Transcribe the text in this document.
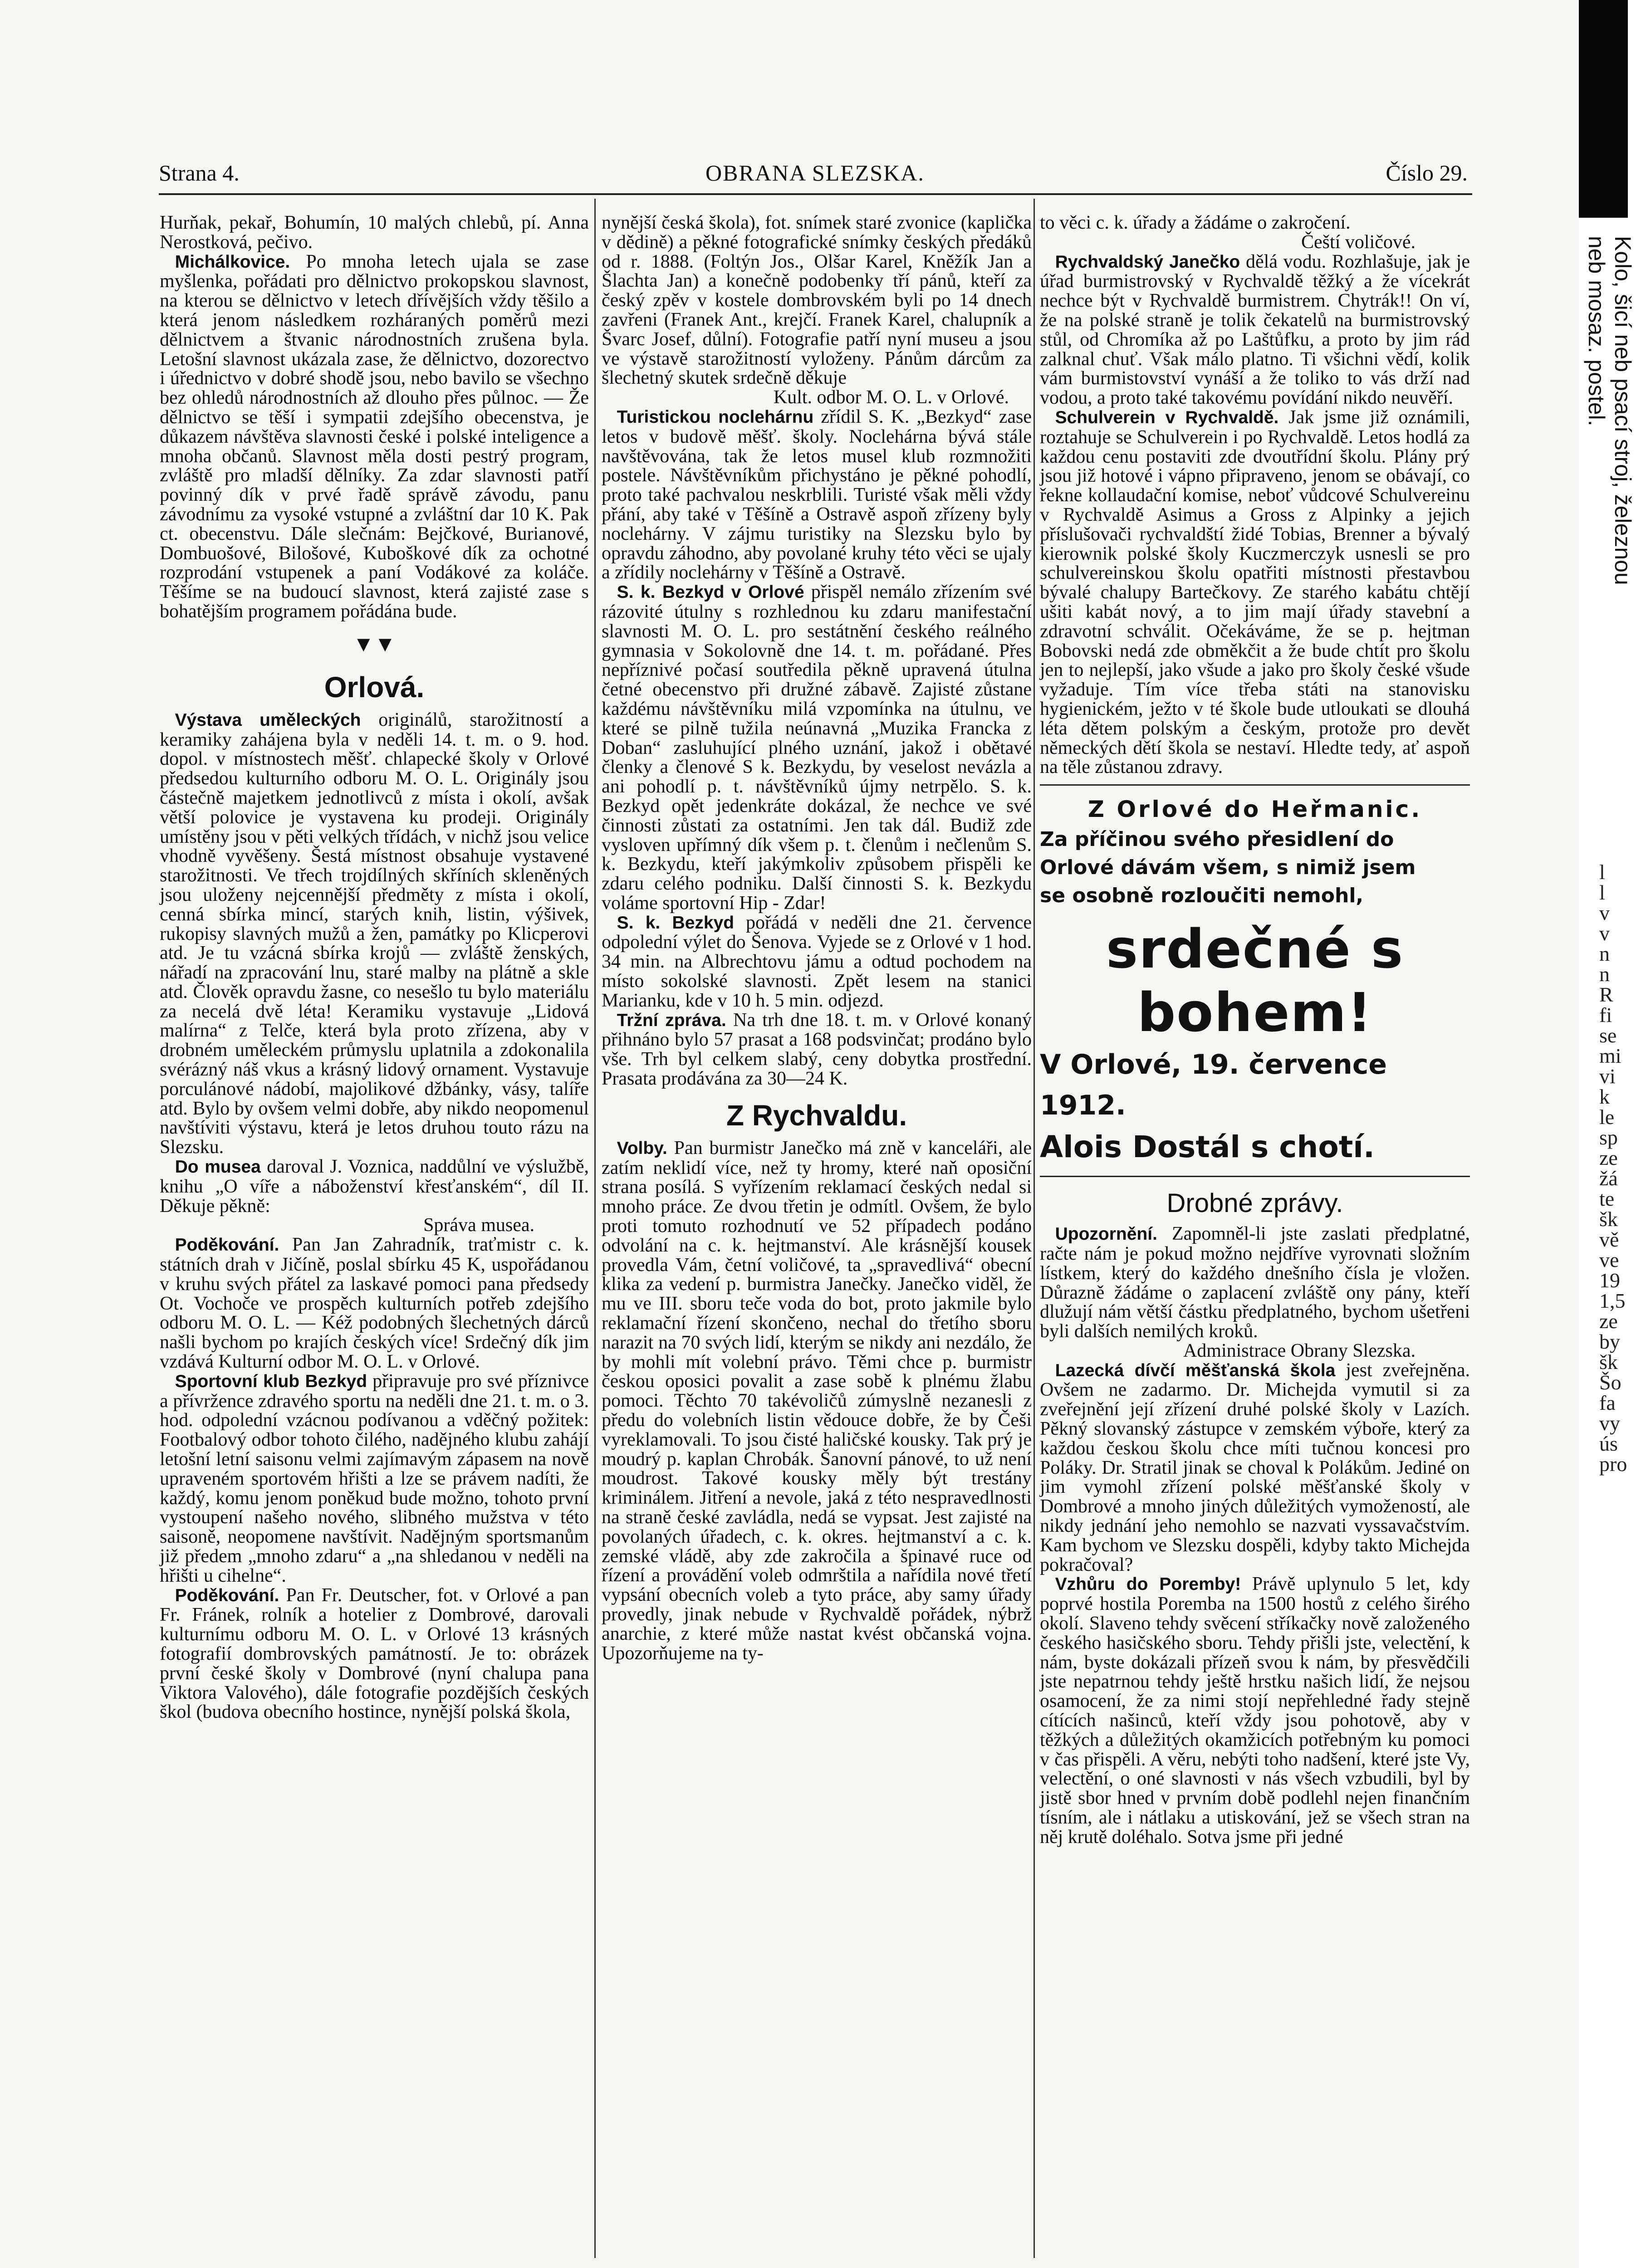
Strana 4.	OBRANA SLEZSKA.	Číslo 29.

Hurňak, pekař, Bohumín, 10 malých chlebů, pí. Anna Nerostková, pečivo.

Michálkovice. Po mnoha letech ujala se zase myšlenka, pořádati pro dělnictvo prokopskou slavnost, na kterou se dělnictvo v letech dřívějších vždy těšilo a která jenom následkem rozháraných poměrů mezi dělnictvem a štvanic národnostních zrušena byla. Letošní slavnost ukázala zase, že dělnictvo, dozorectvo i úřednictvo v dobré shodě jsou, nebo bavilo se všechno bez ohledů národnostních až dlouho přes půlnoc. — Že dělnictvo se těší i sympatii zdejšího obecenstva, je důkazem návštěva slavnosti české i polské inteligence a mnoha občanů. Slavnost měla dosti pestrý program, zvláště pro mladší dělníky. Za zdar slavnosti patří povinný dík v prvé řadě správě závodu, panu závodnímu za vysoké vstupné a zvláštní dar 10 K. Pak ct. obecenstvu. Dále slečnám: Bejčkové, Burianové, Dombuošové, Bilošové, Kuboškové dík za ochotné rozprodání vstupenek a paní Vodákové za koláče. Těšíme se na budoucí slavnost, která zajisté zase s bohatějším programem pořádána bude.

▼▼
Orlová.

Výstava uměleckých originálů, starožitností a keramiky zahájena byla v neděli 14. t. m. o 9. hod. dopol. v místnostech měšť. chlapecké školy v Orlové předsedou kulturního odboru M. O. L. Originály jsou částečně majetkem jednotlivců z místa i okolí, avšak větší polovice je vystavena ku prodeji. Originály umístěny jsou v pěti velkých třídách, v nichž jsou velice vhodně vyvěšeny. Šestá místnost obsahuje vystavené starožitnosti. Ve třech trojdílných skříních skleněných jsou uloženy nejcennější předměty z místa i okolí, cenná sbírka mincí, starých knih, listin, výšivek, rukopisy slavných mužů a žen, památky po Klicperovi atd. Je tu vzácná sbírka krojů — zvláště ženských, nářadí na zpracování lnu, staré malby na plátně a skle atd. Člověk opravdu žasne, co nesešlo tu bylo materiálu za necelá dvě léta! Keramiku vystavuje „Lidová malírna“ z Telče, která byla proto zřízena, aby v drobném uměleckém průmyslu uplatnila a zdokonalila svérázný náš vkus a krásný lidový ornament. Vystavuje porculánové nádobí, majolikové džbánky, vásy, talíře atd. Bylo by ovšem velmi dobře, aby nikdo neopomenul navštíviti výstavu, která je letos druhou touto rázu na Slezsku.

Do musea daroval J. Voznica, naddůlní ve výslužbě, knihu „O víře a náboženství křesťanském“, díl II. Děkuje pěkně:

Správa musea.

Poděkování. Pan Jan Zahradník, traťmistr c. k. státních drah v Jičíně, poslal sbírku 45 K, uspořádanou v kruhu svých přátel za laskavé pomoci pana předsedy Ot. Vochoče ve prospěch kulturních potřeb zdejšího odboru M. O. L. — Kéž podobných šlechetných dárců našli bychom po krajích českých více! Srdečný dík jim vzdává Kulturní odbor M. O. L. v Orlové.

Sportovní klub Bezkyd připravuje pro své příznivce a přívržence zdravého sportu na neděli dne 21. t. m. o 3. hod. odpolední vzácnou podívanou a vděčný požitek: Footbalový odbor tohoto čilého, nadějného klubu zahájí letošní letní saisonu velmi zajímavým zápasem na nově upraveném sportovém hřišti a lze se právem nadíti, že každý, komu jenom poněkud bude možno, tohoto první vystoupení našeho nového, slibného mužstva v této saisoně, neopomene navštívit. Nadějným sportsmanům již předem „mnoho zdaru“ a „na shledanou v neděli na hřišti u cihelne“.

Poděkování. Pan Fr. Deutscher, fot. v Orlové a pan Fr. Fránek, rolník a hotelier z Dombrové, darovali kulturnímu odboru M. O. L. v Orlové 13 krásných fotografií dombrovských památností. Je to: obrázek první české školy v Dombrové (nyní chalupa pana Viktora Valového), dále fotografie pozdějších českých škol (budova obecního hostince, nynější polská škola,

nynější česká škola), fot. snímek staré zvonice (kaplička v dědině) a pěkné fotografické snímky českých předáků od r. 1888. (Foltýn Jos., Olšar Karel, Kněžík Jan a Šlachta Jan) a konečně podobenky tří pánů, kteří za český zpěv v kostele dombrovském byli po 14 dnech zavřeni (Franek Ant., krejčí. Franek Karel, chalupník a Švarc Josef, důlní). Fotografie patří nyní museu a jsou ve výstavě starožitností vyloženy. Pánům dárcům za šlechetný skutek srdečně děkuje

Kult. odbor M. O. L. v Orlové.

Turistickou noclehárnu zřídil S. K. „Bezkyd“ zase letos v budově měšť. školy. Noclehárna bývá stále navštěvována, tak že letos musel klub rozmnožiti postele. Návštěvníkům přichystáno je pěkné pohodlí, proto také pachvalou neskrblili. Turisté však měli vždy přání, aby také v Těšíně a Ostravě aspoň zřízeny byly noclehárny. V zájmu turistiky na Slezsku bylo by opravdu záhodno, aby povolané kruhy této věci se ujaly a zřídily noclehárny v Těšíně a Ostravě.

S. k. Bezkyd v Orlové přispěl nemálo zřízením své rázovité útulny s rozhlednou ku zdaru manifestační slavnosti M. O. L. pro sestátnění českého reálného gymnasia v Sokolovně dne 14. t. m. pořádané. Přes nepříznivé počasí soutředila pěkně upravená útulna četné obecenstvo při družné zábavě. Zajisté zůstane každému návštěvníku milá vzpomínka na útulnu, ve které se pilně tužila neúnavná „Muzika Francka z Doban“ zasluhující plného uznání, jakož i obětavé členky a členové S k. Bezkydu, by veselost nevázla a ani pohodlí p. t. návštěvníků újmy netrpělo. S. k. Bezkyd opět jedenkráte dokázal, že nechce ve své činnosti zůstati za ostatními. Jen tak dál. Budiž zde vysloven upřímný dík všem p. t. členům i nečlenům S. k. Bezkydu, kteří jakýmkoliv způsobem přispěli ke zdaru celého podniku. Další činnosti S. k. Bezkydu voláme sportovní Hip - Zdar!

S. k. Bezkyd pořádá v neděli dne 21. července odpolední výlet do Šenova. Vyjede se z Orlové v 1 hod. 34 min. na Albrechtovu jámu a odtud pochodem na místo sokolské slavnosti. Zpět lesem na stanici Marianku, kde v 10 h. 5 min. odjezd.

Tržní zpráva. Na trh dne 18. t. m. v Orlové konaný přihnáno bylo 57 prasat a 168 podsvinčat; prodáno bylo vše. Trh byl celkem slabý, ceny dobytka prostřední. Prasata prodávána za 30—24 K.

Z Rychvaldu.

Volby. Pan burmistr Janečko má zně v kanceláři, ale zatím neklidí více, než ty hromy, které naň oposiční strana posílá. S vyřízením reklamací českých nedal si mnoho práce. Ze dvou třetin je odmítl. Ovšem, že bylo proti tomuto rozhodnutí ve 52 případech podáno odvolání na c. k. hejtmanství. Ale krásnější kousek provedla Vám, četní voličové, ta „spravedlivá“ obecní klika za vedení p. burmistra Janečky. Janečko viděl, že mu ve III. sboru teče voda do bot, proto jakmile bylo reklamační řízení skončeno, nechal do třetího sboru narazit na 70 svých lidí, kterým se nikdy ani nezdálo, že by mohli mít volební právo. Těmi chce p. burmistr českou oposici povalit a zase sobě k plnému žlabu pomoci. Těchto 70 takévoličů zúmyslně nezanesli z předu do volebních listin vědouce dobře, že by Češi vyreklamovali. To jsou čisté haličské kousky. Tak prý je moudrý p. kaplan Chrobák. Šanovní pánové, to už není moudrost. Takové kousky měly být trestány kriminálem. Jitření a nevole, jaká z této nespravedlnosti na straně české zavládla, nedá se vypsat. Jest zajisté na povolaných úřadech, c. k. okres. hejtmanství a c. k. zemské vládě, aby zde zakročila a špinavé ruce od řízení a provádění voleb odmrštila a nařídila nové třetí vypsání obecních voleb a tyto práce, aby samy úřady provedly, jinak nebude v Rychvaldě pořádek, nýbrž anarchie, z které může nastat kvést občanská vojna. Upozorňujeme na ty-

to věci c. k. úřady a žádáme o zakročení.

Čeští voličové.

Rychvaldský Janečko dělá vodu. Rozhlašuje, jak je úřad burmistrovský v Rychvaldě těžký a že vícekrát nechce být v Rychvaldě burmistrem. Chytrák!! On ví, že na polské straně je tolik čekatelů na burmistrovský stůl, od Chromíka až po Laštůfku, a proto by jim rád zalknal chuť. Však málo platno. Ti všichni vědí, kolik vám burmistovství vynáší a že toliko to vás drží nad vodou, a proto také takovému povídání nikdo neuvěří.

Schulverein v Rychvaldě. Jak jsme již oznámili, roztahuje se Schulverein i po Rychvaldě. Letos hodlá za každou cenu postaviti zde dvoutřídní školu. Plány prý jsou již hotové i vápno připraveno, jenom se obávají, co řekne kollaudační komise, neboť vůdcové Schulvereinu v Rychvaldě Asimus a Gross z Alpinky a jejich příslušovači rychvaldští židé Tobias, Brenner a bývalý kierownik polské školy Kuczmerczyk usnesli se pro schulvereinskou školu opatřiti místnosti přestavbou bývalé chalupy Bartečkovy. Ze starého kabátu chtějí ušiti kabát nový, a to jim mají úřady stavební a zdravotní schválit. Očekáváme, že se p. hejtman Bobovski nedá zde obměkčit a že bude chtít pro školu jen to nejlepší, jako všude a jako pro školy české všude vyžaduje. Tím více třeba státi na stanovisku hygienickém, ježto v té škole bude utloukati se dlouhá léta dětem polským a českým, protože pro devět německých dětí škola se nestaví. Hledte tedy, ať aspoň na těle zůstanou zdravy.

Z Orlové do Heřmanic.
Za příčinou svého přesidlení do
Orlové dávám všem, s nimiž jsem
se osobně rozloučiti nemohl,
srdečné s bohem!
V Orlové, 19. července 1912.
Alois Dostál s chotí.
Drobné zprávy.

Upozornění. Zapomněl-li jste zaslati předplatné, račte nám je pokud možno nejdříve vyrovnati složním lístkem, který do každého dnešního čísla je vložen. Důrazně žádáme o zaplacení zvláště ony pány, kteří dlužují nám větší částku předplatného, bychom ušetřeni byli dalších nemilých kroků.

Administrace Obrany Slezska.

Lazecká dívčí měšťanská škola jest zveřejněna. Ovšem ne zadarmo. Dr. Michejda vymutil si za zveřejnění její zřízení druhé polské školy v Lazích. Pěkný slovanský zástupce v zemském výboře, který za každou českou školu chce míti tučnou koncesi pro Poláky. Dr. Stratil jinak se choval k Polákům. Jediné on jim vymohl zřízení polské měšťanské školy v Dombrové a mnoho jiných důležitých vymožeností, ale nikdy jednání jeho nemohlo se nazvati vyssavačstvím. Kam bychom ve Slezsku dospěli, kdyby takto Michejda pokračoval?

Vzhůru do Poremby! Právě uplynulo 5 let, kdy poprvé hostila Poremba na 1500 hostů z celého širého okolí. Slaveno tehdy svěcení stříkačky nově založeného českého hasičského sboru. Tehdy přišli jste, velectění, k nám, byste dokázali přízeň svou k nám, by přesvědčili jste nepatrnou tehdy ještě hrstku našich lidí, že nejsou osamocení, že za nimi stojí nepřehledné řady stejně cítících našinců, kteří vždy jsou pohotově, aby v těžkých a důležitých okamžicích potřebným ku pomoci v čas přispěli. A věru, nebýti toho nadšení, které jste Vy, velectění, o oné slavnosti v nás všech vzbudili, byl by jistě sbor hned v prvním době podlehl nejen finančním tísním, ale i nátlaku a utiskování, jež se všech stran na něj krutě doléhalo. Sotva jsme při jedné

Kolo, šicí neb psací stroj, železnou
neb mosaz. postel.
l
l
v
v
n
n
R
fi
se
mi
vi
k
le
sp
ze
žá
te
šk
vě
ve
19
1,5
ze
by
šk
Šo
fa
vy
ús
pro
